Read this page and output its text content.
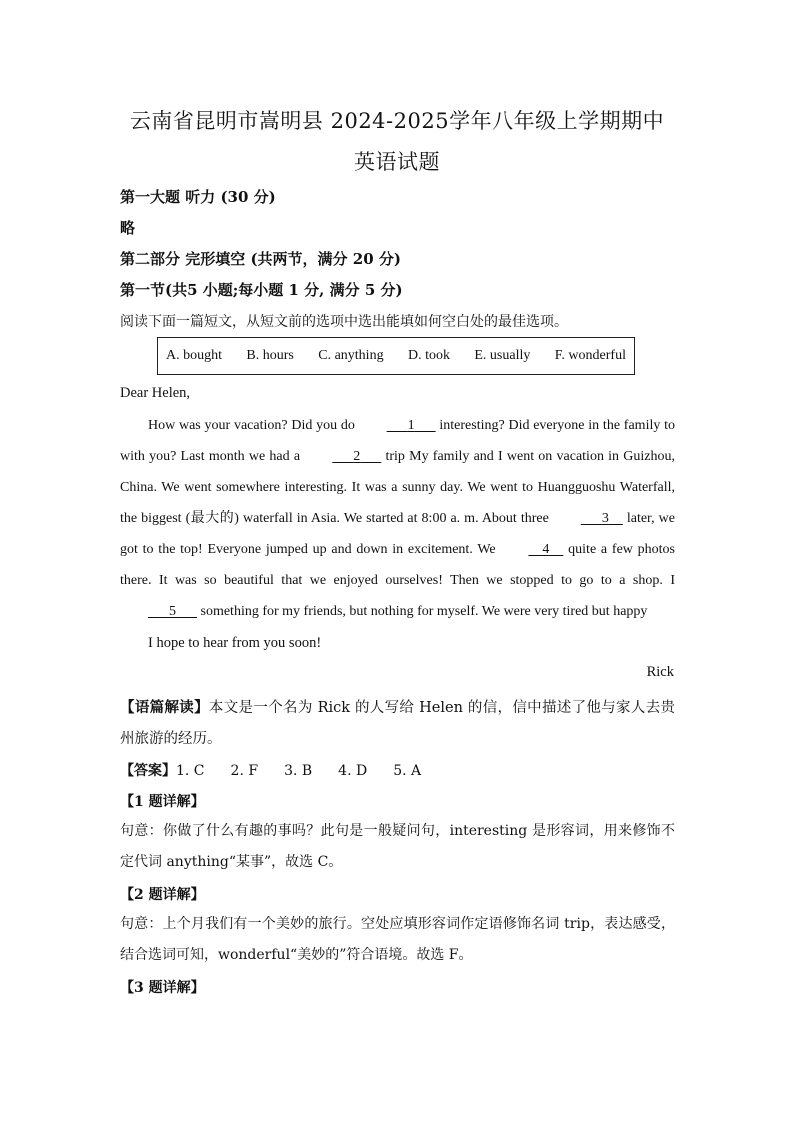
云南省昆明市嵩明县 2024-2025学年八年级上学期期中
英语试题
第一大题 听力 (30 分)
略
第二部分 完形填空 (共两节，满分 20 分)
第一节(共5 小题;每小题 1 分, 满分 5 分)
阅读下面一篇短文，从短文前的选项中选出能填如何空白处的最佳选项。
A. bought B. hours C. anything D. took E. usually F. wonderful
Dear Helen,
How was your vacation? Did you do    	1    interesting? Did everyone in the family to with you? Last month we had a    	2    trip My family and I went on vacation in Guizhou, China. We went somewhere interesting. It was a sunny day. We went to Huangguoshu Waterfall, the biggest (最大的) waterfall in Asia. We started at 8:00 a. m. About three    	3   later, we got to the top! Everyone jumped up and down in excitement. We   	4   quite a few photos there. It was so beautiful that we enjoyed ourselves! Then we stopped to go to a shop. I    5    something for my friends, but nothing for myself. We were very tired but happy
I hope to hear from you soon!
Rick
【语篇解读】本文是一个名为 Rick 的人写给 Helen 的信，信中描述了他与家人去贵州旅游的经历。
【答案】1. C 2. F 3. B 4. D 5. A
【1 题详解】
句意：你做了什么有趣的事吗？此句是一般疑问句，interesting 是形容词，用来修饰不定代词 anything“某事”，故选 C。
【2 题详解】
句意：上个月我们有一个美妙的旅行。空处应填形容词作定语修饰名词 trip，表达感受，结合选词可知，wonderful“美妙的”符合语境。故选 F。
【3 题详解】
